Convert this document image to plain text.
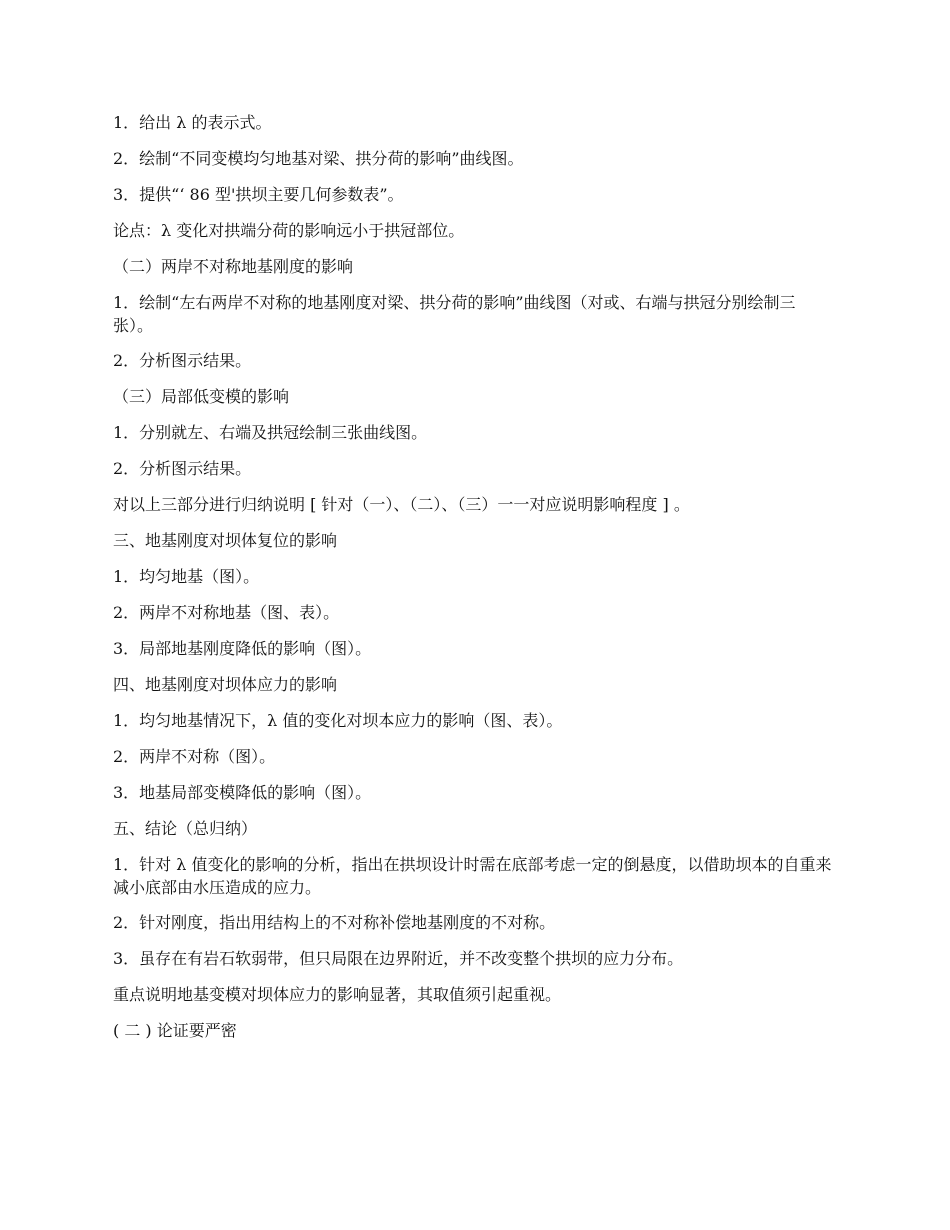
1．给出 λ 的表示式。

2．绘制“不同变模均匀地基对梁、拱分荷的影响”曲线图。

3．提供“‘ 86 型'拱坝主要几何参数表”。

论点：λ 变化对拱端分荷的影响远小于拱冠部位。

（二）两岸不对称地基刚度的影响

1．绘制“左右两岸不对称的地基刚度对梁、拱分荷的影响”曲线图（对或、右端与拱冠分别绘制三张）。

2．分析图示结果。

（三）局部低变模的影响

1．分别就左、右端及拱冠绘制三张曲线图。

2．分析图示结果。

对以上三部分进行归纳说明 [ 针对（一）、（二）、（三）一一对应说明影响程度 ] 。

三、地基刚度对坝体复位的影响

1．均匀地基（图）。

2．两岸不对称地基（图、表）。

3．局部地基刚度降低的影响（图）。

四、地基刚度对坝体应力的影响

1．均匀地基情况下，λ 值的变化对坝本应力的影响（图、表）。

2．两岸不对称（图）。

3．地基局部变模降低的影响（图）。

五、结论（总归纳）

1．针对 λ 值变化的影响的分析，指出在拱坝设计时需在底部考虑一定的倒悬度，以借助坝本的自重来减小底部由水压造成的应力。

2．针对刚度，指出用结构上的不对称补偿地基刚度的不对称。

3．虽存在有岩石软弱带，但只局限在边界附近，并不改变整个拱坝的应力分布。

重点说明地基变模对坝体应力的影响显著，其取值须引起重视。

( 二 ) 论证要严密
